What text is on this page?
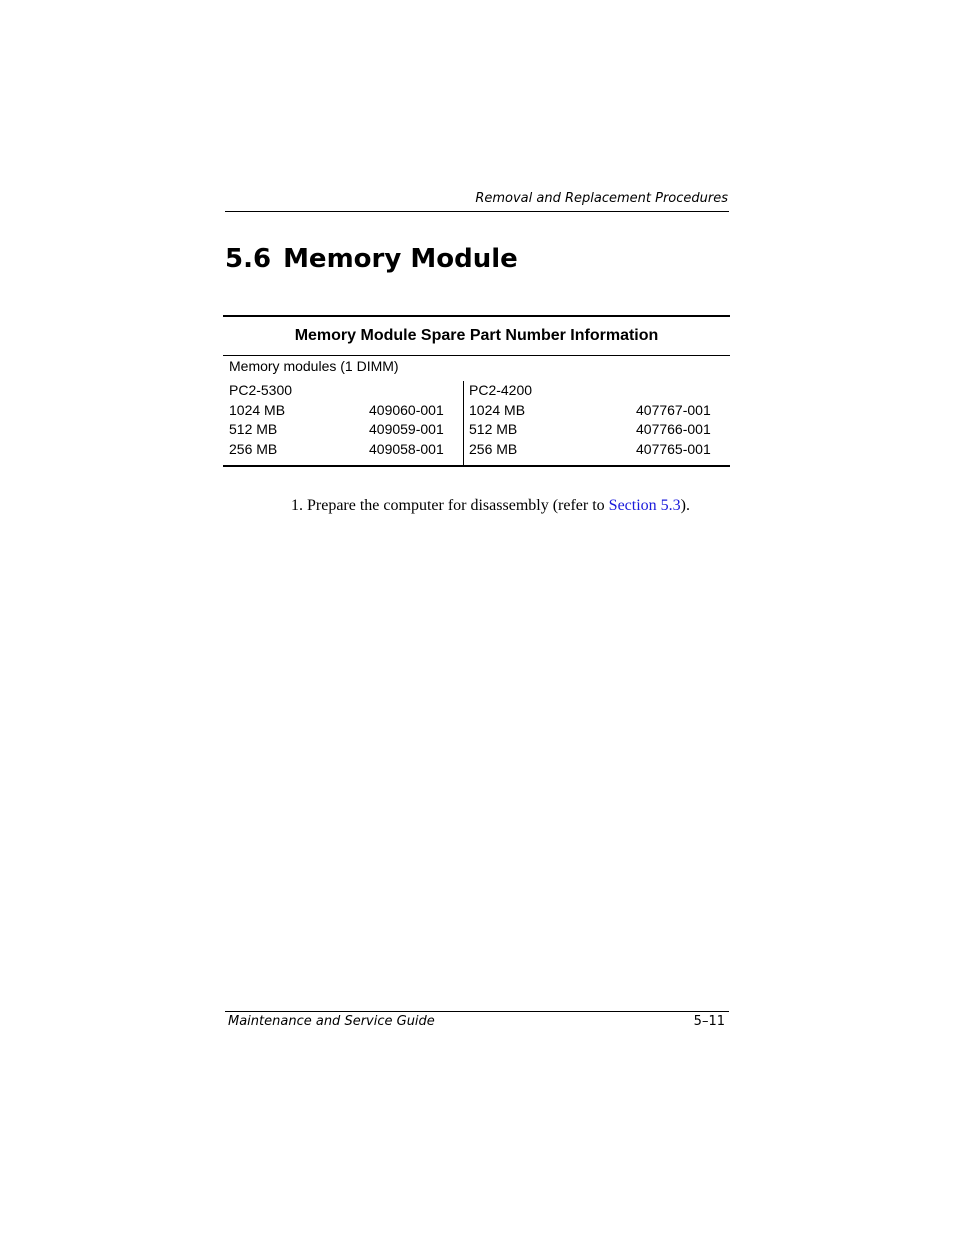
Removal and Replacement Procedures
5.6 Memory Module
Memory Module Spare Part Number Information
Memory modules (1 DIMM)
PC2-5300
1024 MB	409060-001
512 MB	409059-001
256 MB	409058-001
PC2-4200
1024 MB	407767-001
512 MB	407766-001
256 MB	407765-001
1. Prepare the computer for disassembly (refer to Section 5.3).
Maintenance and Service Guide	5–11
